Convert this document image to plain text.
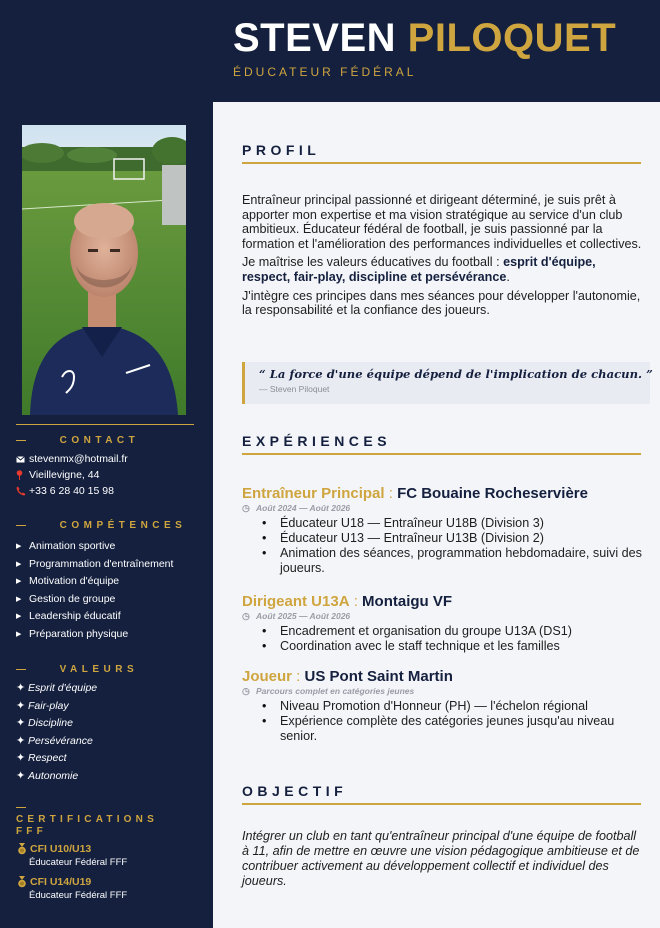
STEVEN PILOQUET
ÉDUCATEUR FÉDÉRAL
—    CONTACT
stevenmx@hotmail.fr
Vieillevigne, 44
+33 6 28 40 15 98
—    COMPÉTENCES
▶ Animation sportive
▶ Programmation d'entraînement
▶ Motivation d'équipe
▶ Gestion de groupe
▶ Leadership éducatif
▶ Préparation physique
—    VALEURS
✦ Esprit d'équipe
✦ Fair-play
✦ Discipline
✦ Persévérance
✦ Respect
✦ Autonomie
—
CERTIFICATIONS
FFF
CFI U10/U13
Éducateur Fédéral FFF
CFI U14/U19
Éducateur Fédéral FFF
PROFIL

Entraîneur principal passionné et dirigeant déterminé, je suis prêt à apporter mon expertise et ma vision stratégique au service d'un club ambitieux. Éducateur fédéral de football, je suis passionné par la formation et l'amélioration des performances individuelles et collectives.

Je maîtrise les valeurs éducatives du football : esprit d'équipe, respect, fair-play, discipline et persévérance.

J'intègre ces principes dans mes séances pour développer l'autonomie, la responsabilité et la confiance des joueurs.

“ La force d'une équipe dépend de l'implication de chacun. ”
— Steven Piloquet
EXPÉRIENCES
Entraîneur Principal : FC Bouaine Rocheservière
◷ Août 2024 — Août 2026
• Éducateur U18 — Entraîneur U18B (Division 3)
• Éducateur U13 — Entraîneur U13B (Division 2)
• Animation des séances, programmation hebdomadaire, suivi des joueurs.
Dirigeant U13A : Montaigu VF
◷ Août 2025 — Août 2026
• Encadrement et organisation du groupe U13A (DS1)
• Coordination avec le staff technique et les familles
Joueur : US Pont Saint Martin
◷ Parcours complet en catégories jeunes
• Niveau Promotion d'Honneur (PH) — l'échelon régional
• Expérience complète des catégories jeunes jusqu'au niveau senior.
OBJECTIF

Intégrer un club en tant qu'entraîneur principal d'une équipe de football à 11, afin de mettre en œuvre une vision pédagogique ambitieuse et de contribuer activement au développement collectif et individuel des joueurs.
